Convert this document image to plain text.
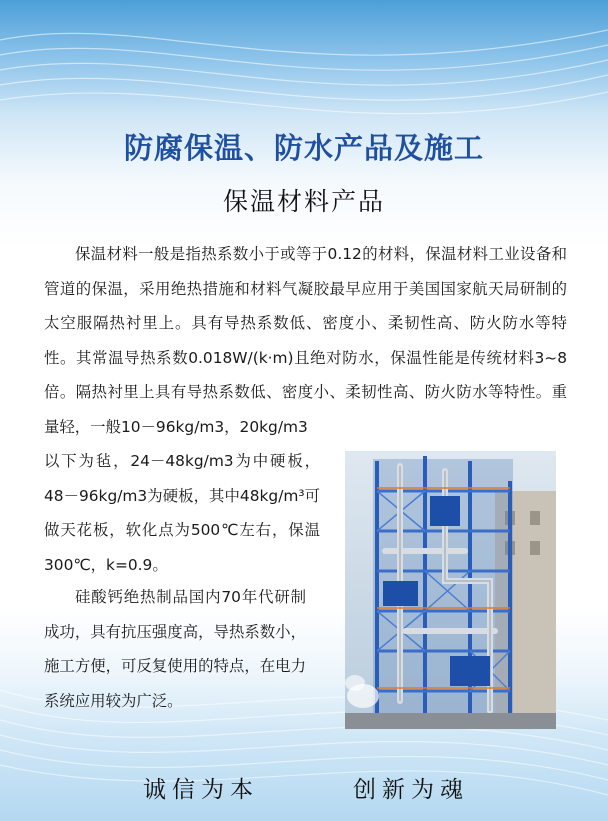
防腐保温、防水产品及施工
保温材料产品

保温材料一般是指热系数小于或等于0.12的材料，保温材料工业设备和管道的保温，采用绝热措施和材料气凝胶最早应用于美国国家航天局研制的太空服隔热衬里上。具有导热系数低、密度小、柔韧性高、防火防水等特性。其常温导热系数0.018W/(k·m)且绝对防水，保温性能是传统材料3~8倍。隔热衬里上具有导热系数低、密度小、柔韧性高、防火防水等特性。重量轻，一般10－96kg/m3，20kg/m3

以下为毡，24－48kg/m3为中硬板，48－96kg/m3为硬板，其中48kg/m³可做天花板，软化点为500℃左右，保温300℃，k=0.9。

硅酸钙绝热制品国内70年代研制成功，具有抗压强度高，导热系数小，施工方便，可反复使用的特点，在电力系统应用较为广泛。

诚信为本	创新为魂
